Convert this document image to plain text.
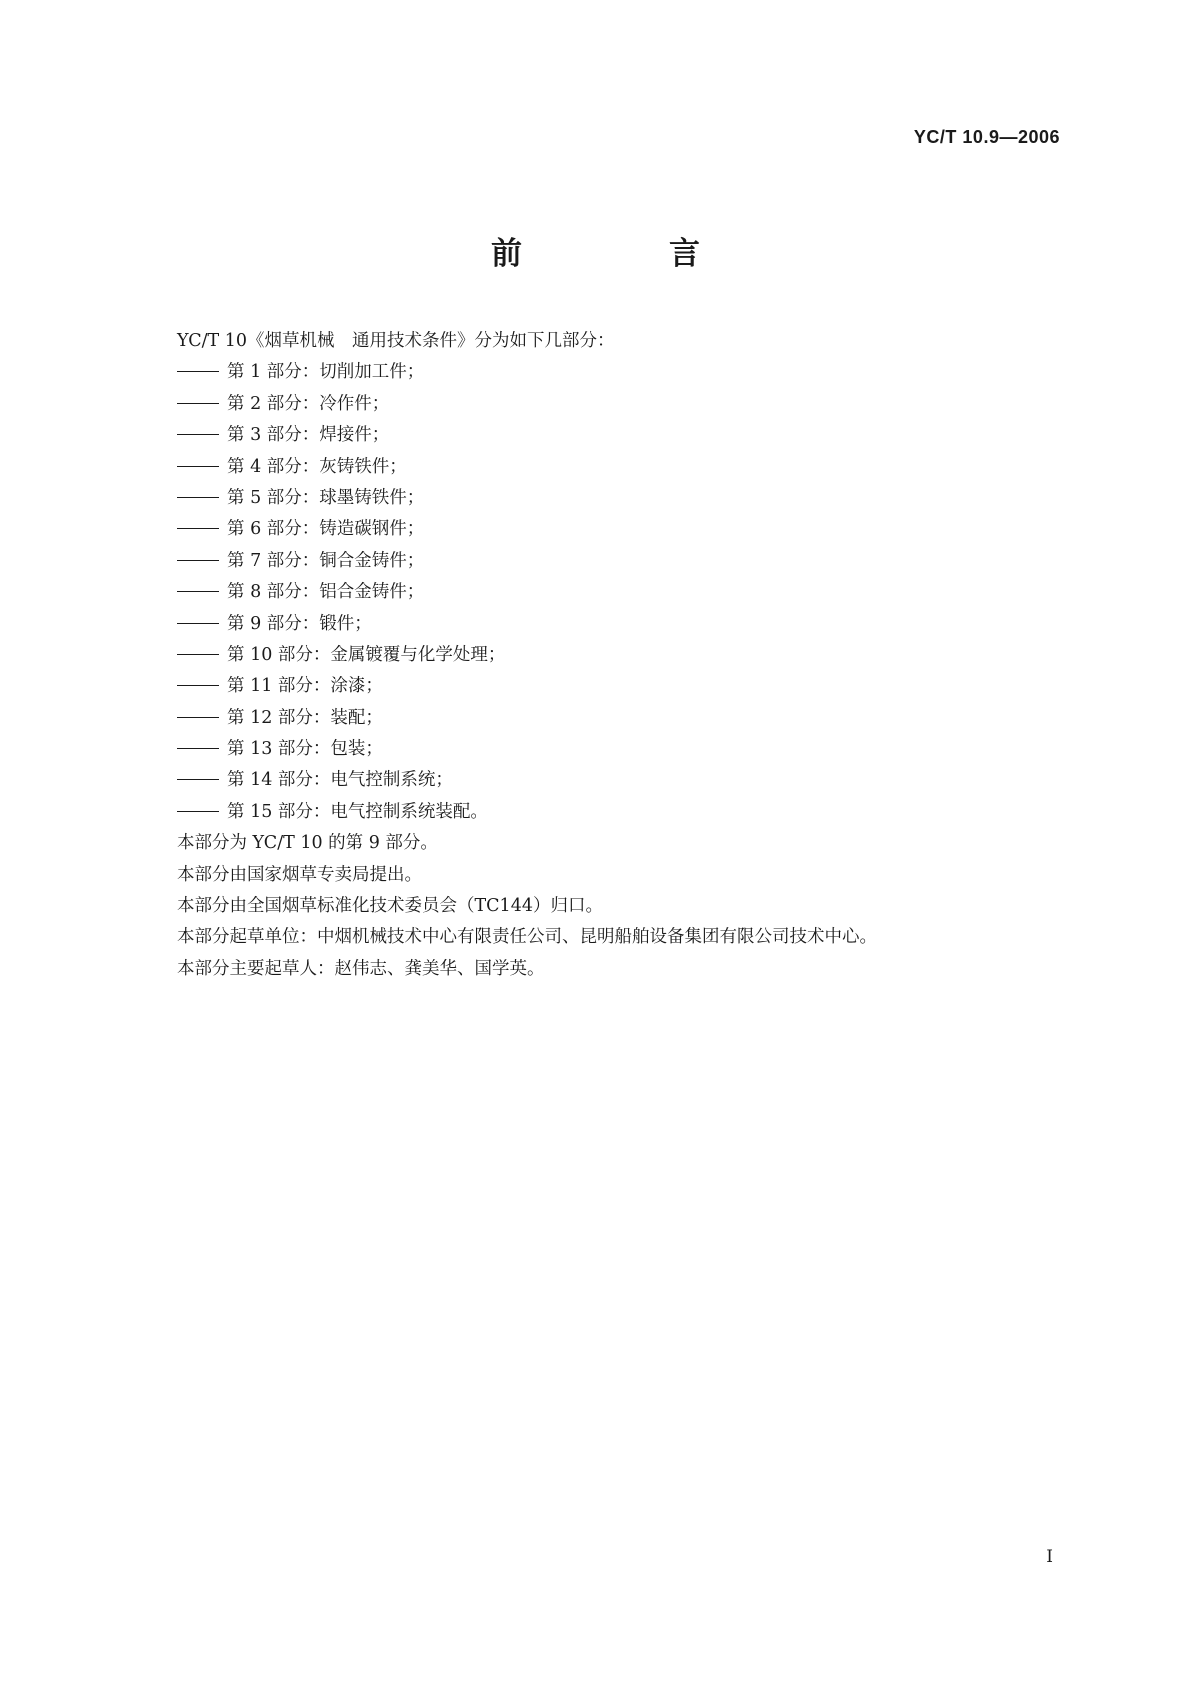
YC/T 10.9—2006
前　言
YC/T 10《烟草机械　通用技术条件》分为如下几部分：
第 1 部分：切削加工件；
第 2 部分：冷作件；
第 3 部分：焊接件；
第 4 部分：灰铸铁件；
第 5 部分：球墨铸铁件；
第 6 部分：铸造碳钢件；
第 7 部分：铜合金铸件；
第 8 部分：铝合金铸件；
第 9 部分：锻件；
第 10 部分：金属镀覆与化学处理；
第 11 部分：涂漆；
第 12 部分：装配；
第 13 部分：包装；
第 14 部分：电气控制系统；
第 15 部分：电气控制系统装配。
本部分为 YC/T 10 的第 9 部分。
本部分由国家烟草专卖局提出。
本部分由全国烟草标准化技术委员会（TC144）归口。
本部分起草单位：中烟机械技术中心有限责任公司、昆明船舶设备集团有限公司技术中心。
本部分主要起草人：赵伟志、龚美华、国学英。
I
